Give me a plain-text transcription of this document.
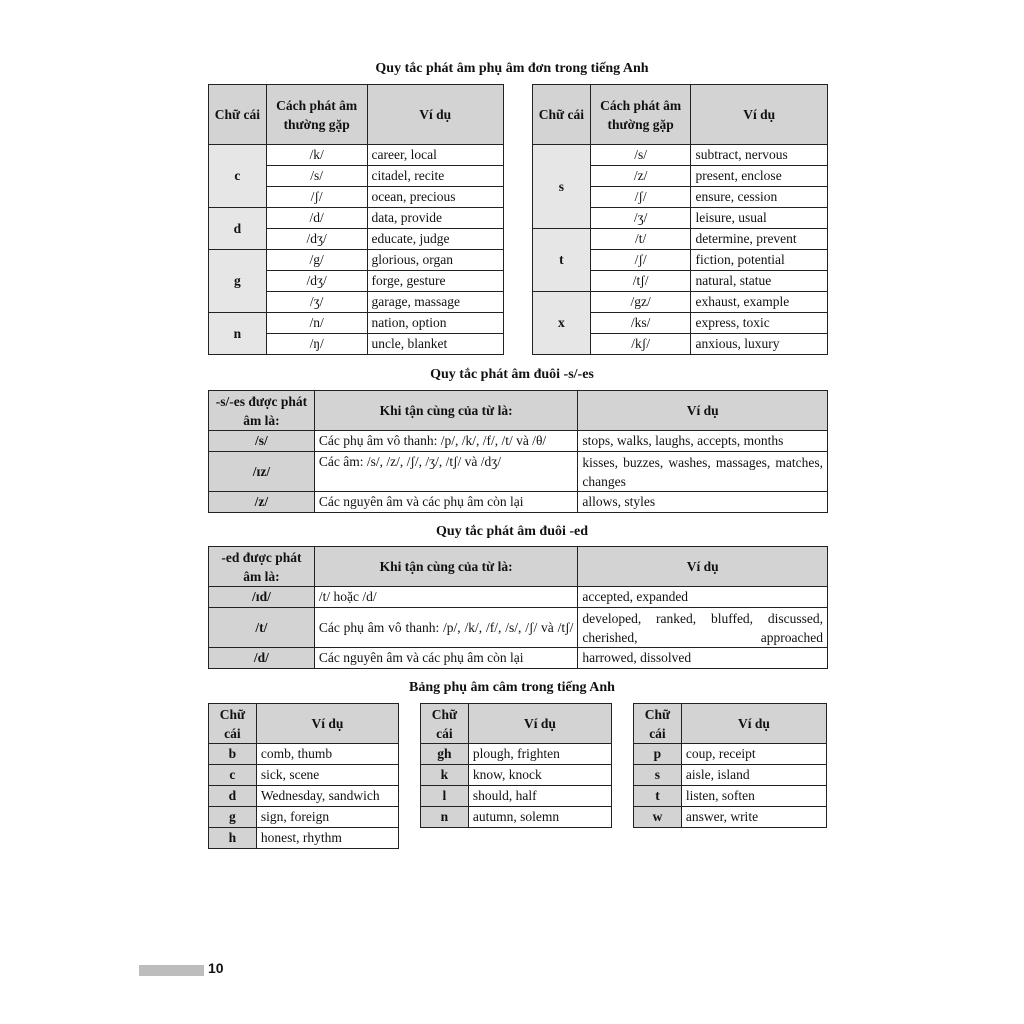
Quy tắc phát âm phụ âm đơn trong tiếng Anh
Chữ cái	Cách phát âm thường gặp	Ví dụ
c	/k/	career, local
	/s/	citadel, recite
	/ʃ/	ocean, precious
d	/d/	data, provide
	/dʒ/	educate, judge
g	/g/	glorious, organ
	/dʒ/	forge, gesture
	/ʒ/	garage, massage
n	/n/	nation, option
	/ŋ/	uncle, blanket
Chữ cái	Cách phát âm thường gặp	Ví dụ
s	/s/	subtract, nervous
	/z/	present, enclose
	/ʃ/	ensure, cession
	/ʒ/	leisure, usual
t	/t/	determine, prevent
	/ʃ/	fiction, potential
	/tʃ/	natural, statue
x	/gz/	exhaust, example
	/ks/	express, toxic
	/kʃ/	anxious, luxury
Quy tắc phát âm đuôi -s/-es
-s/-es được phát âm là:	Khi tận cùng của từ là:	Ví dụ
/s/	Các phụ âm vô thanh: /p/, /k/, /f/, /t/ và /θ/	stops, walks, laughs, accepts, months
/ɪz/	Các âm: /s/, /z/, /ʃ/, /ʒ/, /tʃ/ và /dʒ/	kisses, buzzes, washes, massages, matches, changes
/z/	Các nguyên âm và các phụ âm còn lại	allows, styles
Quy tắc phát âm đuôi -ed
-ed được phát âm là:	Khi tận cùng của từ là:	Ví dụ
/ɪd/	/t/ hoặc /d/	accepted, expanded
/t/	Các phụ âm vô thanh: /p/, /k/, /f/, /s/, /ʃ/ và /tʃ/	developed, ranked, bluffed, discussed, cherished, approached
/d/	Các nguyên âm và các phụ âm còn lại	harrowed, dissolved
Bảng phụ âm câm trong tiếng Anh
Chữ cái	Ví dụ
b	comb, thumb
c	sick, scene
d	Wednesday, sandwich
g	sign, foreign
h	honest, rhythm
Chữ cái	Ví dụ
gh	plough, frighten
k	know, knock
l	should, half
n	autumn, solemn
Chữ cái	Ví dụ
p	coup, receipt
s	aisle, island
t	listen, soften
w	answer, write
10
